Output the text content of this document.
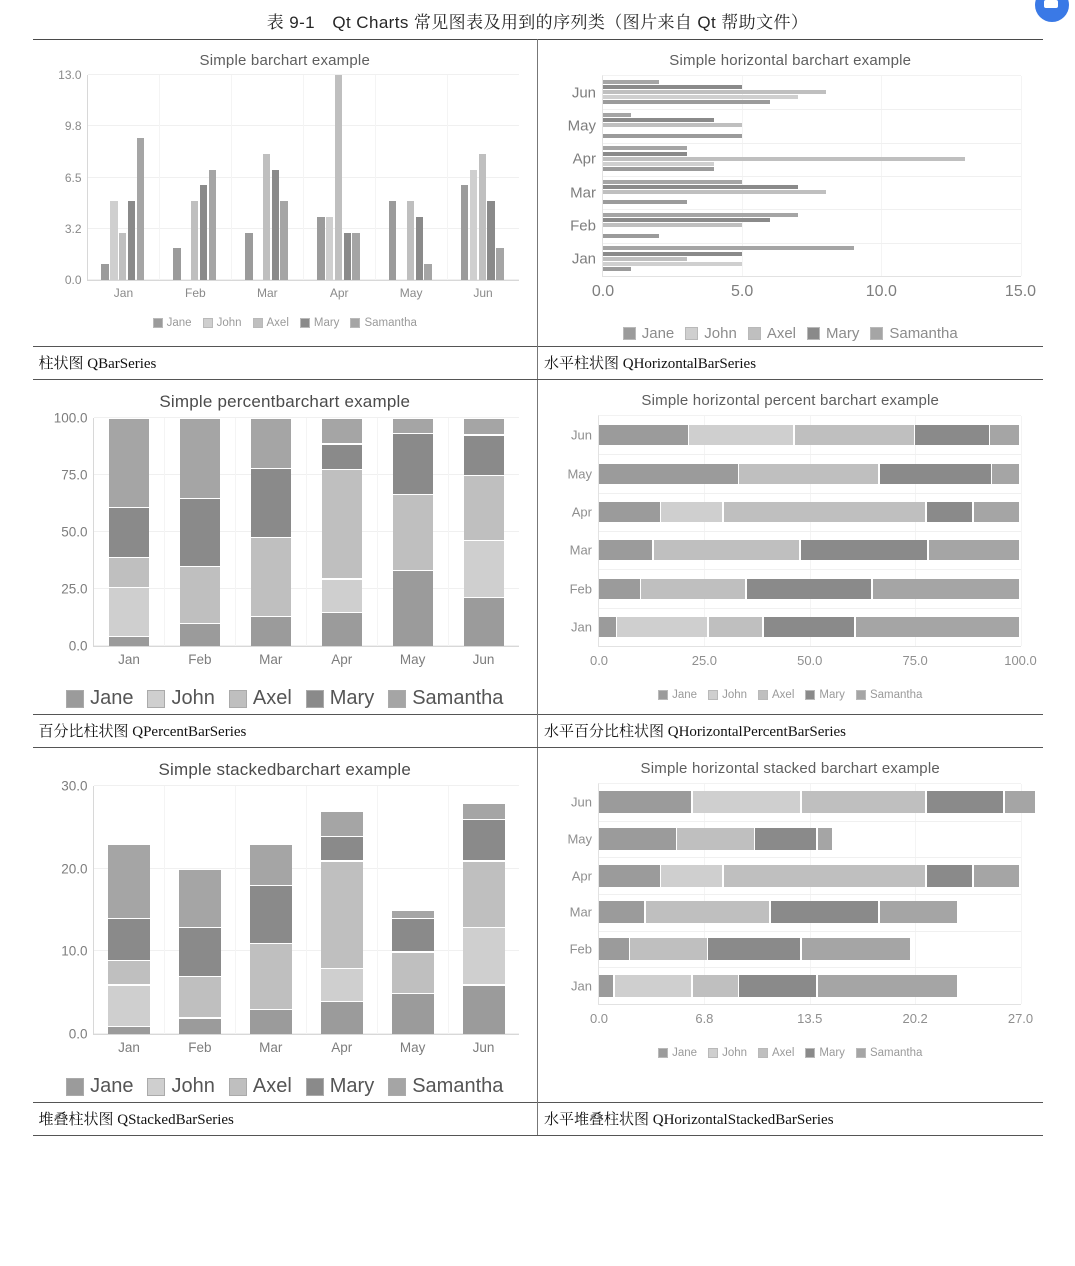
表 9-1　Qt Charts 常见图表及用到的序列类（图片来自 Qt 帮助文件）
Simple barchart example
0.0
3.2
6.5
9.8
13.0
Jan	Feb	Mar	Apr	May	Jun
Jane John Axel Mary Samantha

Simple horizontal barchart example
0.0	5.0	10.0	15.0
Jan
Feb
Mar
Apr
May
Jun
Jane John Axel Mary Samantha

柱状图 QBarSeries	水平柱状图 QHorizontalBarSeries

Simple percentbarchart example
0.0
25.0
50.0
75.0
100.0
Jan	Feb	Mar	Apr	May	Jun
Jane John Axel Mary Samantha

Simple horizontal percent barchart example
0.0	25.0	50.0	75.0	100.0
Jan
Feb
Mar
Apr
May
Jun
Jane John Axel Mary Samantha

百分比柱状图 QPercentBarSeries	水平百分比柱状图 QHorizontalPercentBarSeries

Simple stackedbarchart example
0.0
10.0
20.0
30.0
Jan	Feb	Mar	Apr	May	Jun
Jane John Axel Mary Samantha

Simple horizontal stacked barchart example
0.0	6.8	13.5	20.2	27.0
Jan
Feb
Mar
Apr
May
Jun
Jane John Axel Mary Samantha

堆叠柱状图 QStackedBarSeries	水平堆叠柱状图 QHorizontalStackedBarSeries
